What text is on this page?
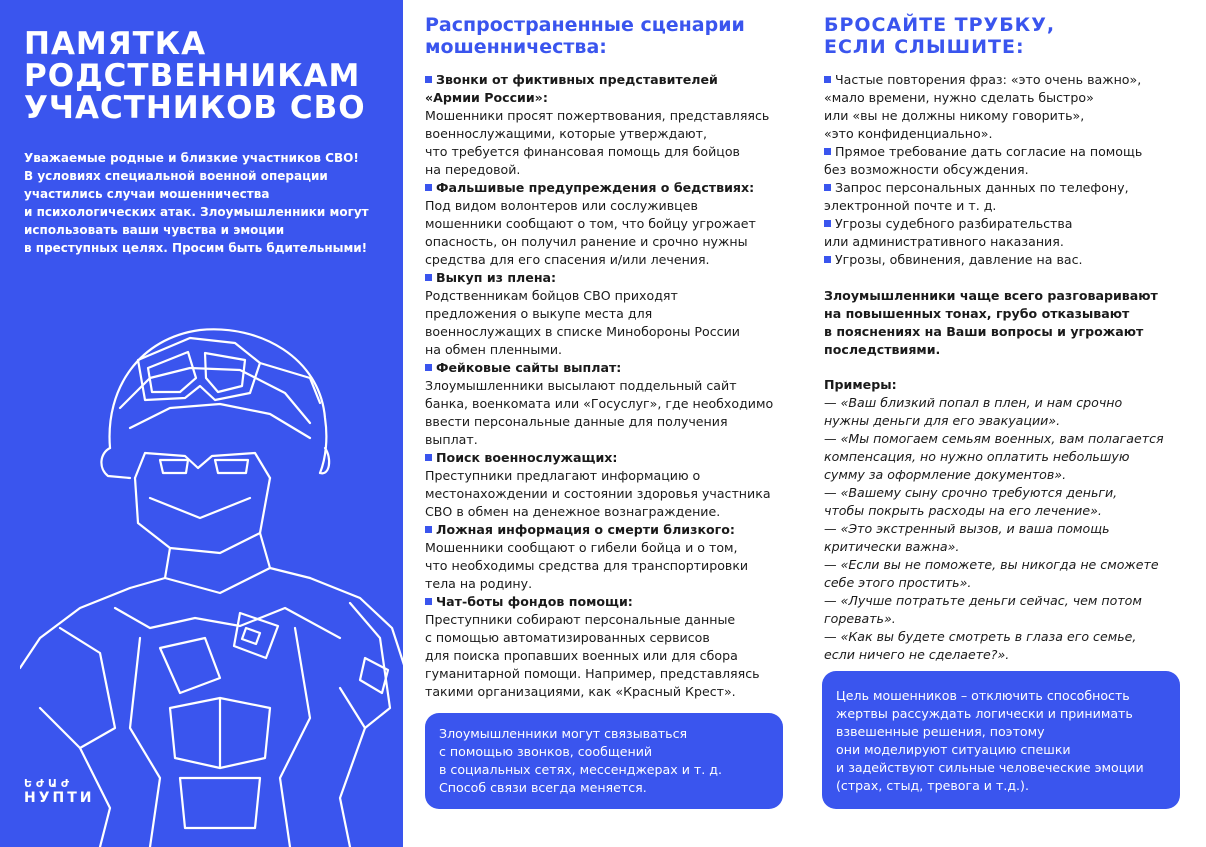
ПАМЯТКА
РОДСТВЕННИКАМ
УЧАСТНИКОВ СВО

Уважаемые родные и близкие участников СВО!
В условиях специальной военной операции
участились случаи мошенничества
и психологических атак. Злоумышленники могут
использовать ваши чувства и эмоции
в преступных целях. Просим быть бдительными!

ԵԺԱԺ
НУПТИ
Распространенные сценарии
мошенничества:
Звонки от фиктивных представителей
«Армии России»:
Мошенники просят пожертвования, представляясь
военнослужащими, которые утверждают,
что требуется финансовая помощь для бойцов
на передовой.
Фальшивые предупреждения о бедствиях:
Под видом волонтеров или сослуживцев
мошенники сообщают о том, что бойцу угрожает
опасность, он получил ранение и срочно нужны
средства для его спасения и/или лечения.
Выкуп из плена:
Родственникам бойцов СВО приходят
предложения о выкупе места для
военнослужащих в списке Минобороны России
на обмен пленными.
Фейковые сайты выплат:
Злоумышленники высылают поддельный сайт
банка, военкомата или «Госуслуг», где необходимо
ввести персональные данные для получения
выплат.
Поиск военнослужащих:
Преступники предлагают информацию о
местонахождении и состоянии здоровья участника
СВО в обмен на денежное вознаграждение.
Ложная информация о смерти близкого:
Мошенники сообщают о гибели бойца и о том,
что необходимы средства для транспортировки
тела на родину.
Чат-боты фондов помощи:
Преступники собирают персональные данные
с помощью автоматизированных сервисов
для поиска пропавших военных или для сбора
гуманитарной помощи. Например, представляясь
такими организациями, как «Красный Крест».
Злоумышленники могут связываться
с помощью звонков, сообщений
в социальных сетях, мессенджерах и т. д.
Способ связи всегда меняется.
БРОСАЙТЕ ТРУБКУ,
ЕСЛИ СЛЫШИТЕ:
Частые повторения фраз: «это очень важно»,
«мало времени, нужно сделать быстро»
или «вы не должны никому говорить»,
«это конфиденциально».
Прямое требование дать согласие на помощь
без возможности обсуждения.
Запрос персональных данных по телефону,
электронной почте и т. д.
Угрозы судебного разбирательства
или административного наказания.
Угрозы, обвинения, давление на вас.
Злоумышленники чаще всего разговаривают
на повышенных тонах, грубо отказывают
в пояснениях на Ваши вопросы и угрожают
последствиями.
Примеры:
— «Ваш близкий попал в плен, и нам срочно
нужны деньги для его эвакуации».
— «Мы помогаем семьям военных, вам полагается
компенсация, но нужно оплатить небольшую
сумму за оформление документов».
— «Вашему сыну срочно требуются деньги,
чтобы покрыть расходы на его лечение».
— «Это экстренный вызов, и ваша помощь
критически важна».
— «Если вы не поможете, вы никогда не сможете
себе этого простить».
— «Лучше потратьте деньги сейчас, чем потом
горевать».
— «Как вы будете смотреть в глаза его семье,
если ничего не сделаете?».
Цель мошенников – отключить способность
жертвы рассуждать логически и принимать
взвешенные решения, поэтому
они моделируют ситуацию спешки
и задействуют сильные человеческие эмоции
(страх, стыд, тревога и т.д.).
